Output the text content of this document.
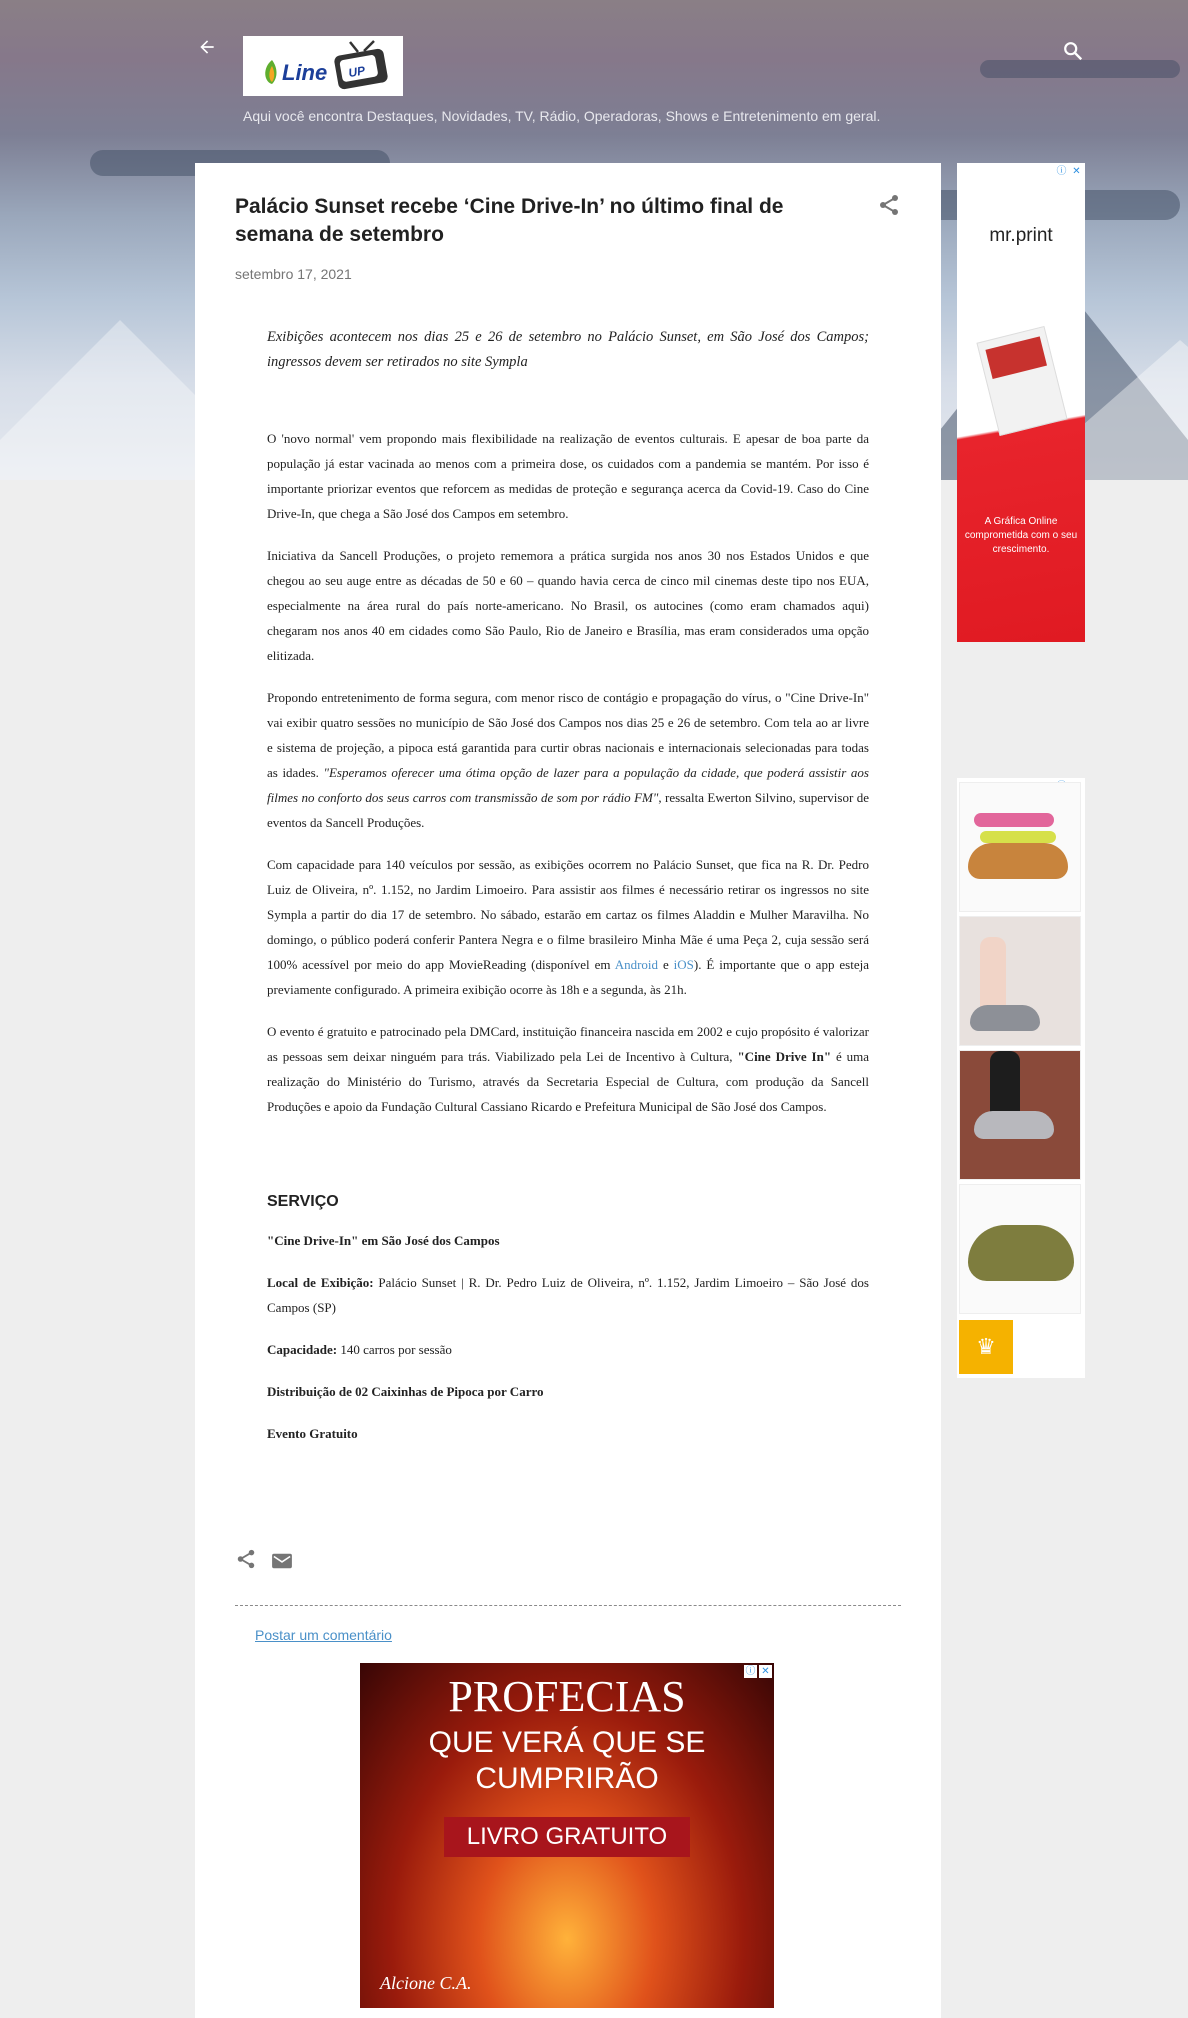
Line UP
Aqui você encontra Destaques, Novidades, TV, Rádio, Operadoras, Shows e Entretenimento em geral.
Palácio Sunset recebe ‘Cine Drive-In’ no último final de semana de setembro
setembro 17, 2021

Exibições acontecem nos dias 25 e 26 de setembro no Palácio Sunset, em São José dos Campos; ingressos devem ser retirados no site Sympla

O 'novo normal' vem propondo mais flexibilidade na realização de eventos culturais. E apesar de boa parte da população já estar vacinada ao menos com a primeira dose, os cuidados com a pandemia se mantém. Por isso é importante priorizar eventos que reforcem as medidas de proteção e segurança acerca da Covid-19. Caso do Cine Drive-In, que chega a São José dos Campos em setembro.

Iniciativa da Sancell Produções, o projeto rememora a prática surgida nos anos 30 nos Estados Unidos e que chegou ao seu auge entre as décadas de 50 e 60 – quando havia cerca de cinco mil cinemas deste tipo nos EUA, especialmente na área rural do país norte-americano. No Brasil, os autocines (como eram chamados aqui) chegaram nos anos 40 em cidades como São Paulo, Rio de Janeiro e Brasília, mas eram considerados uma opção elitizada.

Propondo entretenimento de forma segura, com menor risco de contágio e propagação do vírus, o "Cine Drive-In" vai exibir quatro sessões no município de São José dos Campos nos dias 25 e 26 de setembro. Com tela ao ar livre e sistema de projeção, a pipoca está garantida para curtir obras nacionais e internacionais selecionadas para todas as idades. "Esperamos oferecer uma ótima opção de lazer para a população da cidade, que poderá assistir aos filmes no conforto dos seus carros com transmissão de som por rádio FM", ressalta Ewerton Silvino, supervisor de eventos da Sancell Produções.

Com capacidade para 140 veículos por sessão, as exibições ocorrem no Palácio Sunset, que fica na R. Dr. Pedro Luiz de Oliveira, nº. 1.152, no Jardim Limoeiro. Para assistir aos filmes é necessário retirar os ingressos no site Sympla a partir do dia 17 de setembro. No sábado, estarão em cartaz os filmes Aladdin e Mulher Maravilha. No domingo, o público poderá conferir Pantera Negra e o filme brasileiro Minha Mãe é uma Peça 2, cuja sessão será 100% acessível por meio do app MovieReading (disponível em Android e iOS). É importante que o app esteja previamente configurado. A primeira exibição ocorre às 18h e a segunda, às 21h.

O evento é gratuito e patrocinado pela DMCard, instituição financeira nascida em 2002 e cujo propósito é valorizar as pessoas sem deixar ninguém para trás. Viabilizado pela Lei de Incentivo à Cultura, "Cine Drive In" é uma realização do Ministério do Turismo, através da Secretaria Especial de Cultura, com produção da Sancell Produções e apoio da Fundação Cultural Cassiano Ricardo e Prefeitura Municipal de São José dos Campos.

SERVIÇO

"Cine Drive-In" em São José dos Campos

Local de Exibição: Palácio Sunset | R. Dr. Pedro Luiz de Oliveira, nº. 1.152, Jardim Limoeiro – São José dos Campos (SP)

Capacidade: 140 carros por sessão

Distribuição de 02 Caixinhas de Pipoca por Carro

Evento Gratuito

Postar um comentário
ⓘ ✕
PROFECIAS
QUE VERÁ QUE SE CUMPRIRÃO
LIVRO GRATUITO
Alcione C.A.
ⓘ ✕
mr.print
A Gráfica Online comprometida com o seu crescimento.
♛
